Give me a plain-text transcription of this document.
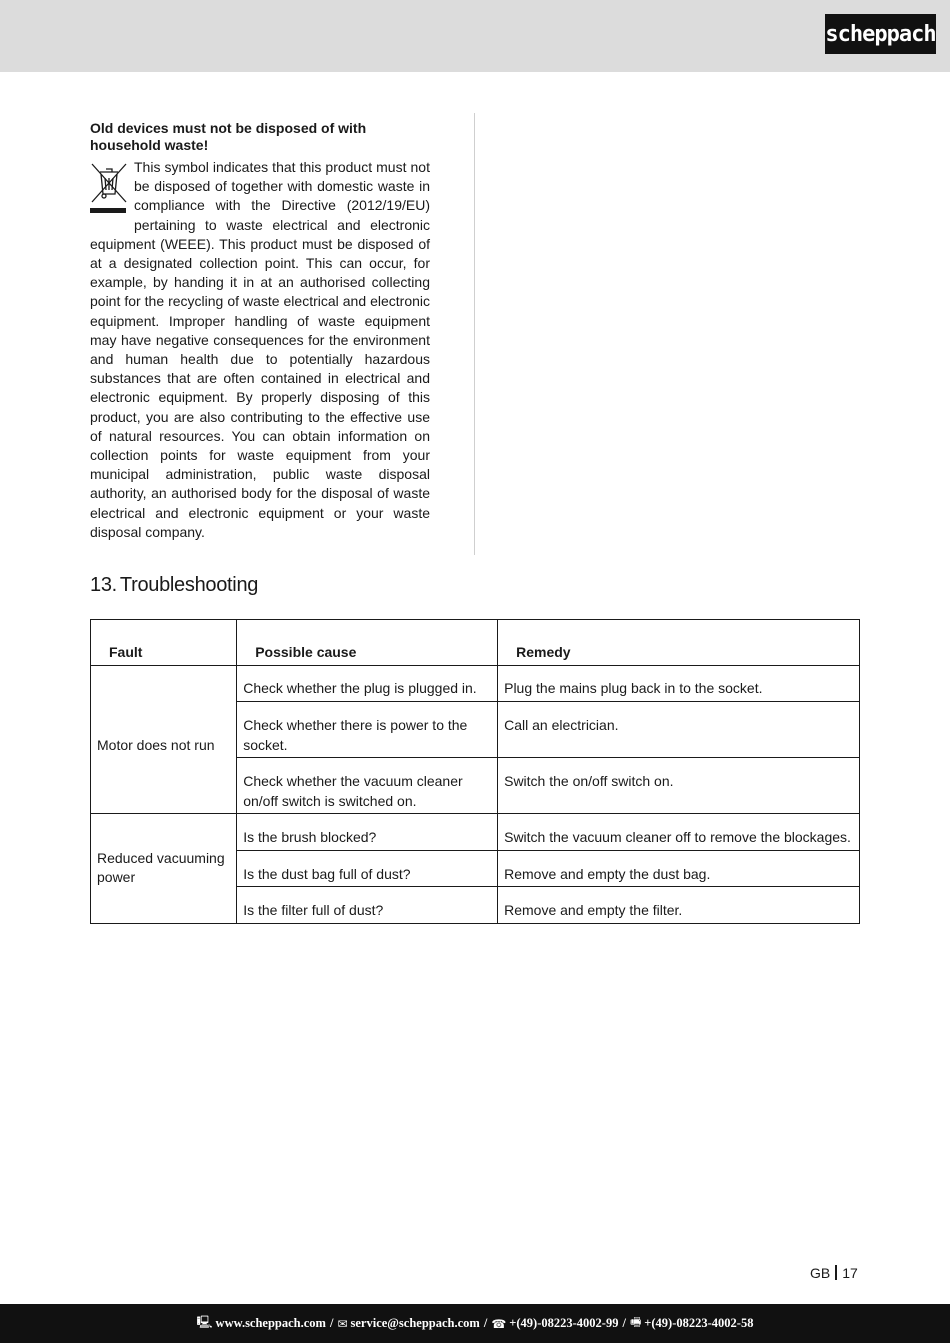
scheppach

Old devices must not be disposed of with household waste!

This symbol indicates that this product must not be disposed of together with domestic waste in compliance with the Directive (2012/19/EU) pertaining to waste electrical and electronic equipment (WEEE). This product must be disposed of at a designated collection point. This can occur, for example, by handing it in at an authorised collecting point for the recycling of waste electrical and electronic equipment. Improper handling of waste equipment may have negative consequences for the environment and human health due to potentially hazardous substances that are often contained in electrical and electronic equipment. By properly disposing of this product, you are also contributing to the effective use of natural resources. You can obtain information on collection points for waste equipment from your municipal administration, public waste disposal authority, an authorised body for the disposal of waste electrical and electronic equipment or your waste disposal company.

13. Troubleshooting
Fault	Possible cause	Remedy
Motor does not run	Check whether the plug is plugged in.	Plug the mains plug back in to the socket.
	Check whether there is power to the socket.	Call an electrician.
	Check whether the vacuum cleaner on/off switch is switched on.	Switch the on/off switch on.
Reduced vacuuming power	Is the brush blocked?	Switch the vacuum cleaner off to remove the blockages.
	Is the dust bag full of dust?	Remove and empty the dust bag.
	Is the filter full of dust?	Remove and empty the filter.
GB 17
🖳 www.scheppach.com / ✉ service@scheppach.com / ☎ +(49)-08223-4002-99 / 🖷 +(49)-08223-4002-58
